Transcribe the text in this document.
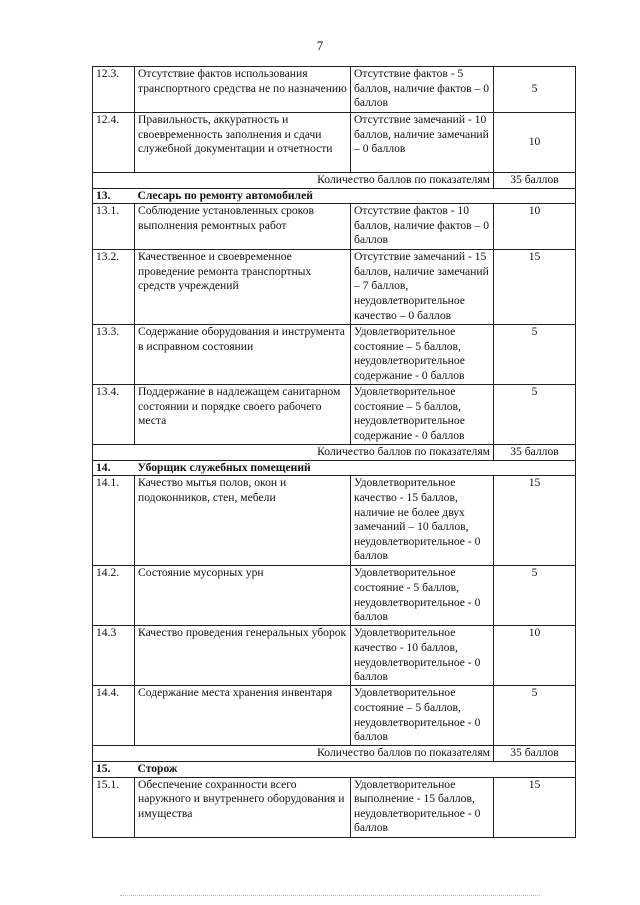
7
12.3.	Отсутствие фактов использования транспортного средства не по назначению	Отсутствие фактов - 5 баллов, наличие фактов – 0 баллов	5
12.4.	Правильность, аккуратность и своевременность заполнения и сдачи служебной документации и отчетности	Отсутствие замечаний - 10 баллов, наличие замечаний – 0 баллов	10
Количество баллов по показателям			35 баллов
13.	Слесарь по ремонту автомобилей		
13.1.	Соблюдение установленных сроков выполнения ремонтных работ	Отсутствие фактов - 10 баллов, наличие фактов – 0 баллов	10
13.2.	Качественное и своевременное проведение ремонта транспортных средств учреждений	Отсутствие замечаний - 15 баллов, наличие замечаний – 7 баллов, неудовлетворительное качество – 0 баллов	15
13.3.	Содержание оборудования и инструмента в исправном состоянии	Удовлетворительное состояние – 5 баллов, неудовлетворительное содержание - 0 баллов	5
13.4.	Поддержание в надлежащем санитарном состоянии и порядке своего рабочего места	Удовлетворительное состояние – 5 баллов, неудовлетворительное содержание - 0 баллов	5
Количество баллов по показателям			35 баллов
14.	Уборщик служебных помещений		
14.1.	Качество мытья полов, окон и подоконников, стен, мебели	Удовлетворительное качество - 15 баллов, наличие не более двух замечаний – 10 баллов, неудовлетворительное - 0 баллов	15
14.2.	Состояние мусорных урн	Удовлетворительное состояние - 5 баллов, неудовлетворительное - 0 баллов	5
14.3	Качество проведения генеральных уборок	Удовлетворительное качество - 10 баллов, неудовлетворительное - 0 баллов	10
14.4.	Содержание места хранения инвентаря	Удовлетворительное состояние – 5 баллов, неудовлетворительное - 0 баллов	5
Количество баллов по показателям			35 баллов
15.	Сторож		
15.1.	Обеспечение сохранности всего наружного и внутреннего оборудования и имущества	Удовлетворительное выполнение - 15 баллов, неудовлетворительное - 0 баллов	15
